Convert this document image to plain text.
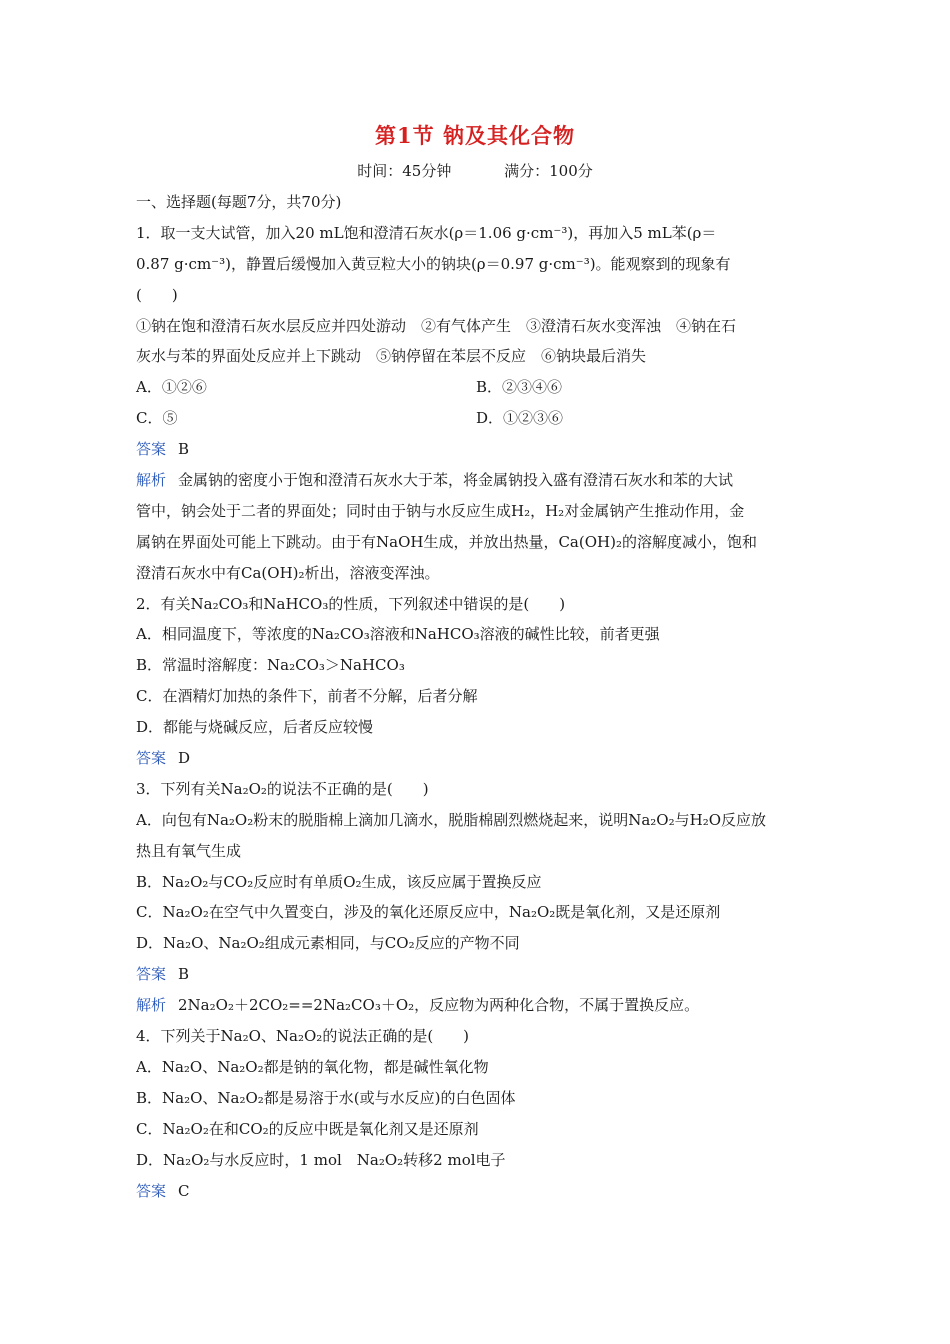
第1节 钠及其化合物
时间：45分钟	满分：100分
一、选择题(每题7分，共70分)
1．取一支大试管，加入20 mL饱和澄清石灰水(ρ＝1.06 g·cm⁻³)，再加入5 mL苯(ρ＝
0.87 g·cm⁻³)，静置后缓慢加入黄豆粒大小的钠块(ρ＝0.97 g·cm⁻³)。能观察到的现象有
(　　)
①钠在饱和澄清石灰水层反应并四处游动　②有气体产生　③澄清石灰水变浑浊　④钠在石
灰水与苯的界面处反应并上下跳动　⑤钠停留在苯层不反应　⑥钠块最后消失
A．①②⑥	B．②③④⑥
C．⑤	D．①②③⑥
答案 B
解析 金属钠的密度小于饱和澄清石灰水大于苯，将金属钠投入盛有澄清石灰水和苯的大试
管中，钠会处于二者的界面处；同时由于钠与水反应生成H₂，H₂对金属钠产生推动作用，金
属钠在界面处可能上下跳动。由于有NaOH生成，并放出热量，Ca(OH)₂的溶解度减小，饱和
澄清石灰水中有Ca(OH)₂析出，溶液变浑浊。
2．有关Na₂CO₃和NaHCO₃的性质，下列叙述中错误的是(　　)
A．相同温度下，等浓度的Na₂CO₃溶液和NaHCO₃溶液的碱性比较，前者更强
B．常温时溶解度：Na₂CO₃＞NaHCO₃
C．在酒精灯加热的条件下，前者不分解，后者分解
D．都能与烧碱反应，后者反应较慢
答案 D
3．下列有关Na₂O₂的说法不正确的是(　　)
A．向包有Na₂O₂粉末的脱脂棉上滴加几滴水，脱脂棉剧烈燃烧起来，说明Na₂O₂与H₂O反应放
热且有氧气生成
B．Na₂O₂与CO₂反应时有单质O₂生成，该反应属于置换反应
C．Na₂O₂在空气中久置变白，涉及的氧化还原反应中，Na₂O₂既是氧化剂，又是还原剂
D．Na₂O、Na₂O₂组成元素相同，与CO₂反应的产物不同
答案 B
解析 2Na₂O₂＋2CO₂==2Na₂CO₃＋O₂，反应物为两种化合物，不属于置换反应。
4．下列关于Na₂O、Na₂O₂的说法正确的是(　　)
A．Na₂O、Na₂O₂都是钠的氧化物，都是碱性氧化物
B．Na₂O、Na₂O₂都是易溶于水(或与水反应)的白色固体
C．Na₂O₂在和CO₂的反应中既是氧化剂又是还原剂
D．Na₂O₂与水反应时，1 mol　Na₂O₂转移2 mol电子
答案 C
